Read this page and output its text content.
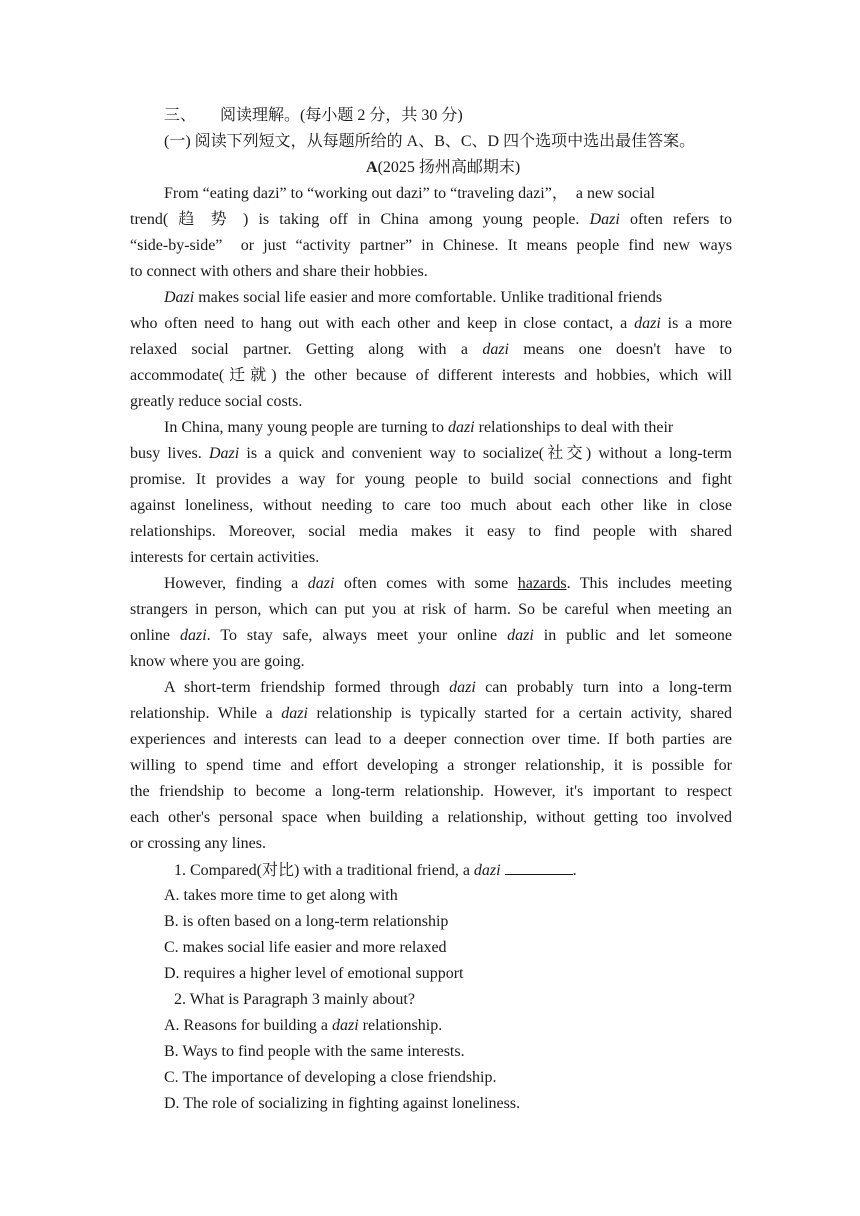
三、 阅读理解。(每小题 2 分，共 30 分)
(一) 阅读下列短文，从每题所给的 A、B、C、D 四个选项中选出最佳答案。
A(2025 扬州高邮期末)
From “eating dazi” to “working out dazi” to “traveling dazi”，  a new social
trend( 趋 势 ) is taking off in China among young people. Dazi often refers to
“side-by-side”  or just “activity partner” in Chinese. It means people find new ways
to connect with others and share their hobbies.
Dazi makes social life easier and more comfortable. Unlike traditional friends
who often need to hang out with each other and keep in close contact, a dazi is a more
relaxed social partner. Getting along with a dazi means one doesn't have to
accommodate(迁就) the other because of different interests and hobbies, which will
greatly reduce social costs.
In China, many young people are turning to dazi relationships to deal with their
busy lives. Dazi is a quick and convenient way to socialize(社交) without a long-term
promise. It provides a way for young people to build social connections and fight
against loneliness, without needing to care too much about each other like in close
relationships. Moreover, social media makes it easy to find people with shared
interests for certain activities.
However, finding a dazi often comes with some hazards. This includes meeting
strangers in person, which can put you at risk of harm. So be careful when meeting an
online dazi. To stay safe, always meet your online dazi in public and let someone
know where you are going.
A short-term friendship formed through dazi can probably turn into a long-term
relationship. While a dazi relationship is typically started for a certain activity, shared
experiences and interests can lead to a deeper connection over time. If both parties are
willing to spend time and effort developing a stronger relationship, it is possible for
the friendship to become a long-term relationship. However, it's important to respect
each other's personal space when building a relationship, without getting too involved
or crossing any lines.
1. Compared(对比) with a traditional friend, a dazi	.
A. takes more time to get along with
B. is often based on a long-term relationship
C. makes social life easier and more relaxed
D. requires a higher level of emotional support
2. What is Paragraph 3 mainly about?
A. Reasons for building a dazi relationship.
B. Ways to find people with the same interests.
C. The importance of developing a close friendship.
D. The role of socializing in fighting against loneliness.
